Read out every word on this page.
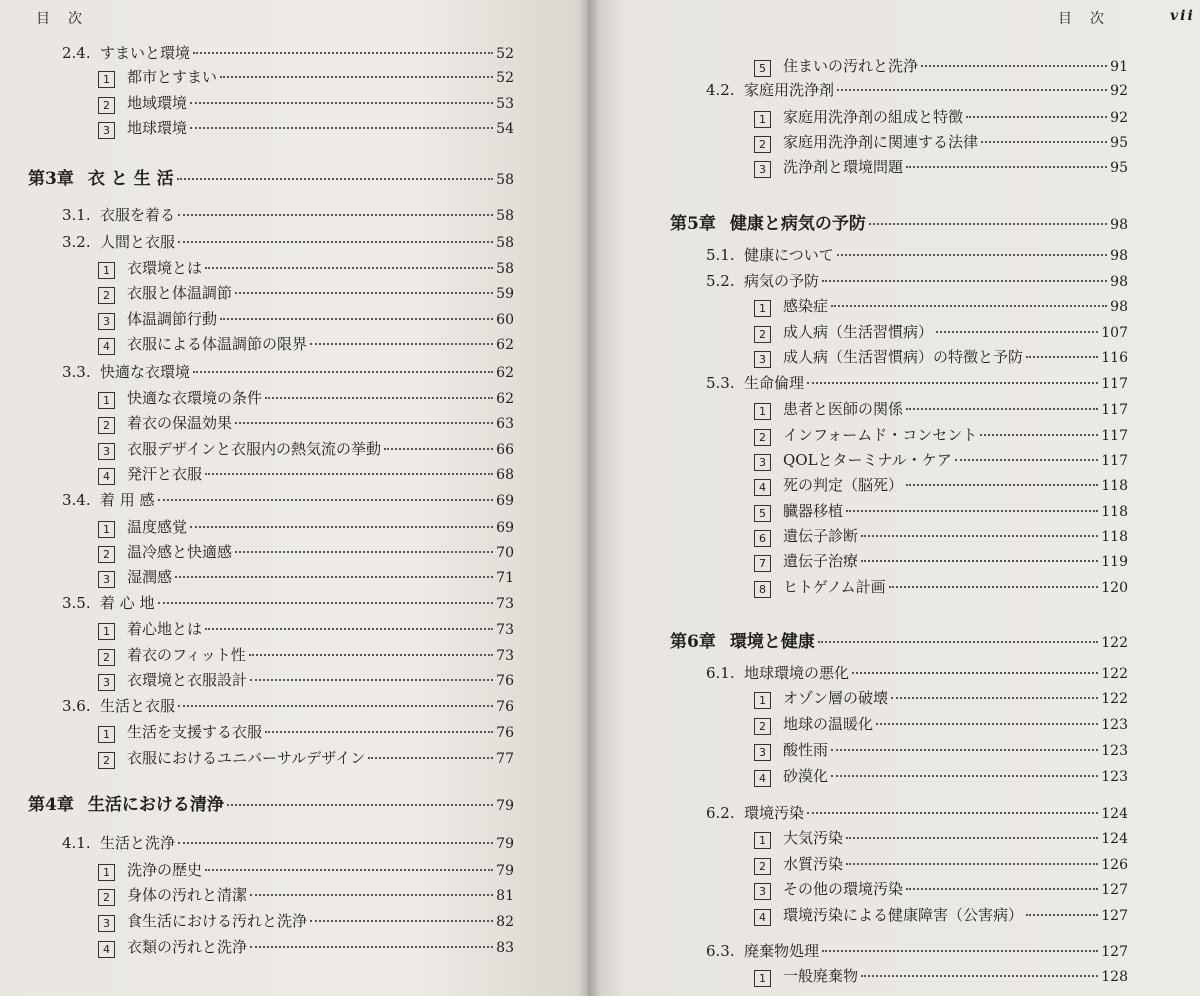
目　次
2.4. すまいと環境	52
1	都市とすまい	52
2	地域環境	53
3	地球環境	54
第3章 衣 と 生 活	58
3.1. 衣服を着る	58
3.2. 人間と衣服	58
1	衣環境とは	58
2	衣服と体温調節	59
3	体温調節行動	60
4	衣服による体温調節の限界	62
3.3. 快適な衣環境	62
1	快適な衣環境の条件	62
2	着衣の保温効果	63
3	衣服デザインと衣服内の熱気流の挙動	66
4	発汗と衣服	68
3.4. 着 用 感	69
1	温度感覚	69
2	温冷感と快適感	70
3	湿潤感	71
3.5. 着 心 地	73
1	着心地とは	73
2	着衣のフィット性	73
3	衣環境と衣服設計	76
3.6. 生活と衣服	76
1	生活を支援する衣服	76
2	衣服におけるユニバーサルデザイン	77
第4章 生活における清浄	79
4.1. 生活と洗浄	79
1	洗浄の歴史	79
2	身体の汚れと清潔	81
3	食生活における汚れと洗浄	82
4	衣類の汚れと洗浄	83
目　次	vii
5	住まいの汚れと洗浄	91
4.2. 家庭用洗浄剤	92
1	家庭用洗浄剤の組成と特徴	92
2	家庭用洗浄剤に関連する法律	95
3	洗浄剤と環境問題	95
第5章 健康と病気の予防	98
5.1. 健康について	98
5.2. 病気の予防	98
1	感染症	98
2	成人病（生活習慣病）	107
3	成人病（生活習慣病）の特徴と予防	116
5.3. 生命倫理	117
1	患者と医師の関係	117
2	インフォームド・コンセント	117
3	QOLとターミナル・ケア	117
4	死の判定（脳死）	118
5	臓器移植	118
6	遺伝子診断	118
7	遺伝子治療	119
8	ヒトゲノム計画	120
第6章 環境と健康	122
6.1. 地球環境の悪化	122
1	オゾン層の破壊	122
2	地球の温暖化	123
3	酸性雨	123
4	砂漠化	123
6.2. 環境汚染	124
1	大気汚染	124
2	水質汚染	126
3	その他の環境汚染	127
4	環境汚染による健康障害（公害病）	127
6.3. 廃棄物処理	127
1	一般廃棄物	128
